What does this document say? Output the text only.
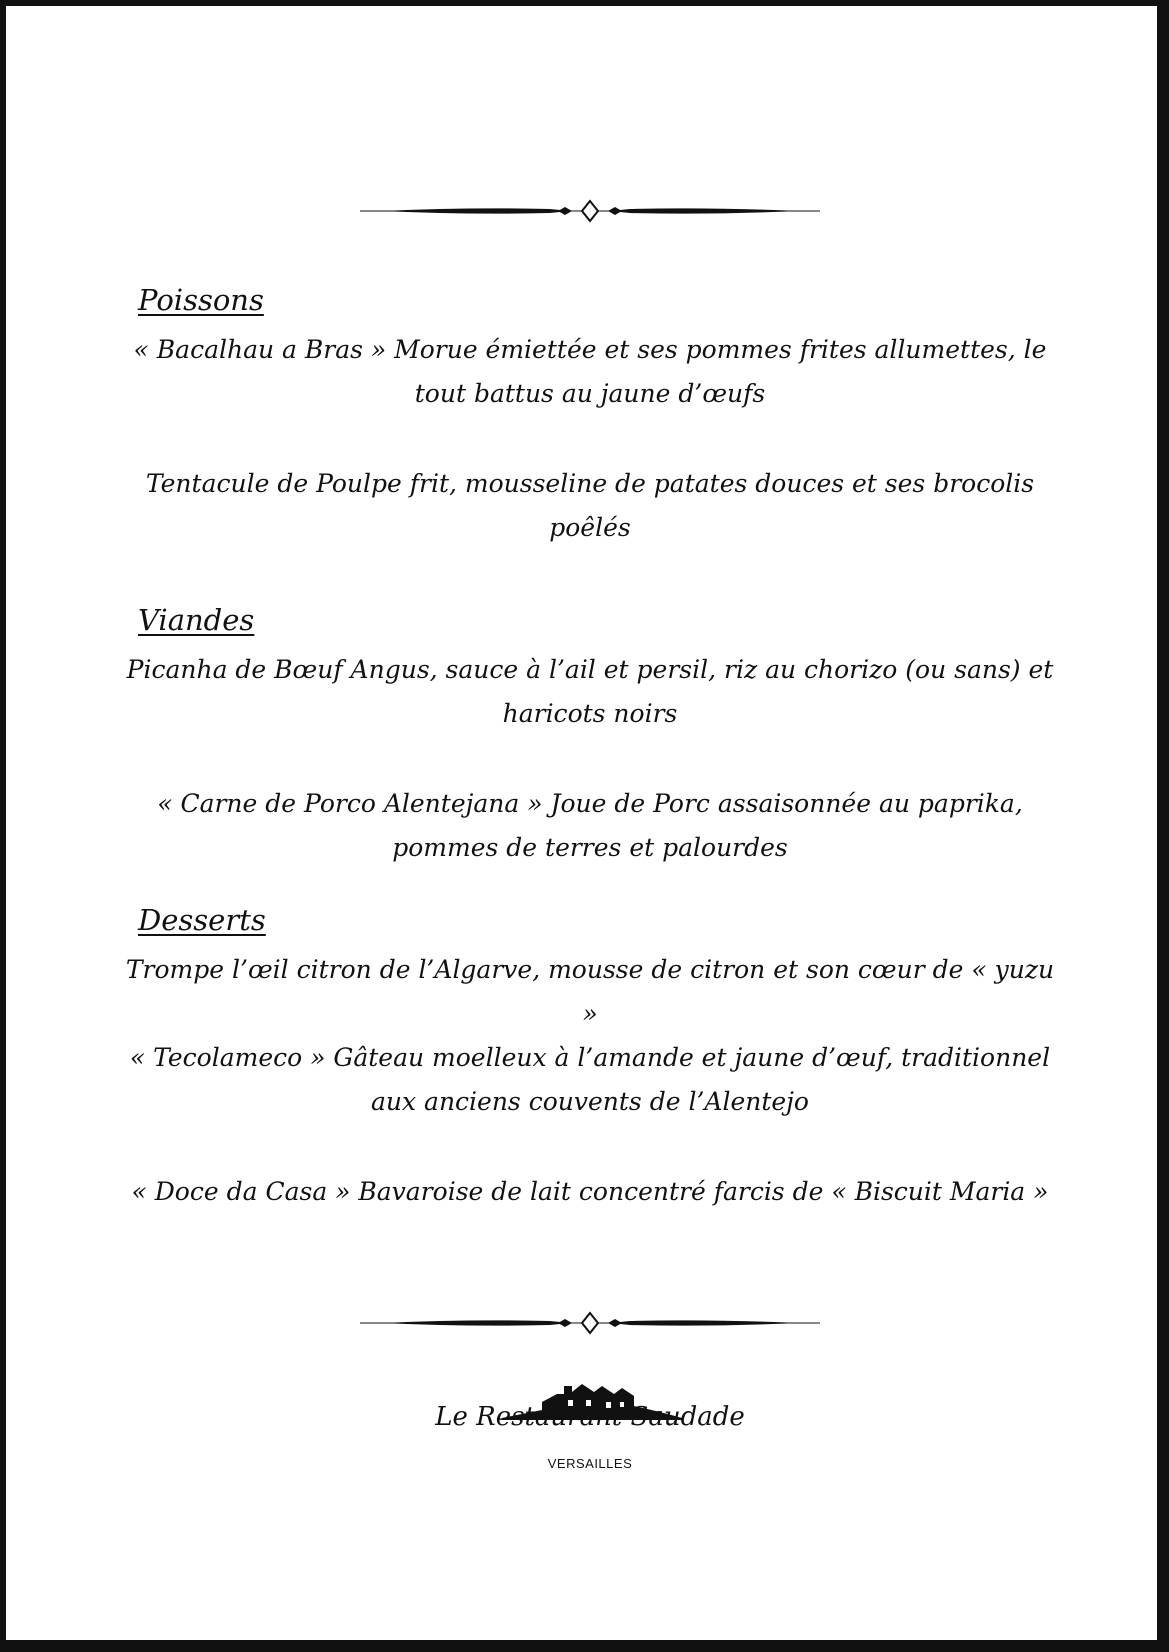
Poissons
« Bacalhau a Bras » Morue émiettée et ses pommes frites allumettes, le
tout battus au jaune d’œufs
Tentacule de Poulpe frit, mousseline de patates douces et ses brocolis
poêlés
Viandes
Picanha de Bœuf Angus, sauce à l’ail et persil, riz au chorizo (ou sans) et
haricots noirs
« Carne de Porco Alentejana » Joue de Porc assaisonnée au paprika,
pommes de terres et palourdes
Desserts
Trompe l’œil citron de l’Algarve, mousse de citron et son cœur de « yuzu »
« Tecolameco » Gâteau moelleux à l’amande et jaune d’œuf, traditionnel
aux anciens couvents de l’Alentejo
« Doce da Casa » Bavaroise de lait concentré farcis de « Biscuit Maria »

Le Restaurant Saudade

VERSAILLES
